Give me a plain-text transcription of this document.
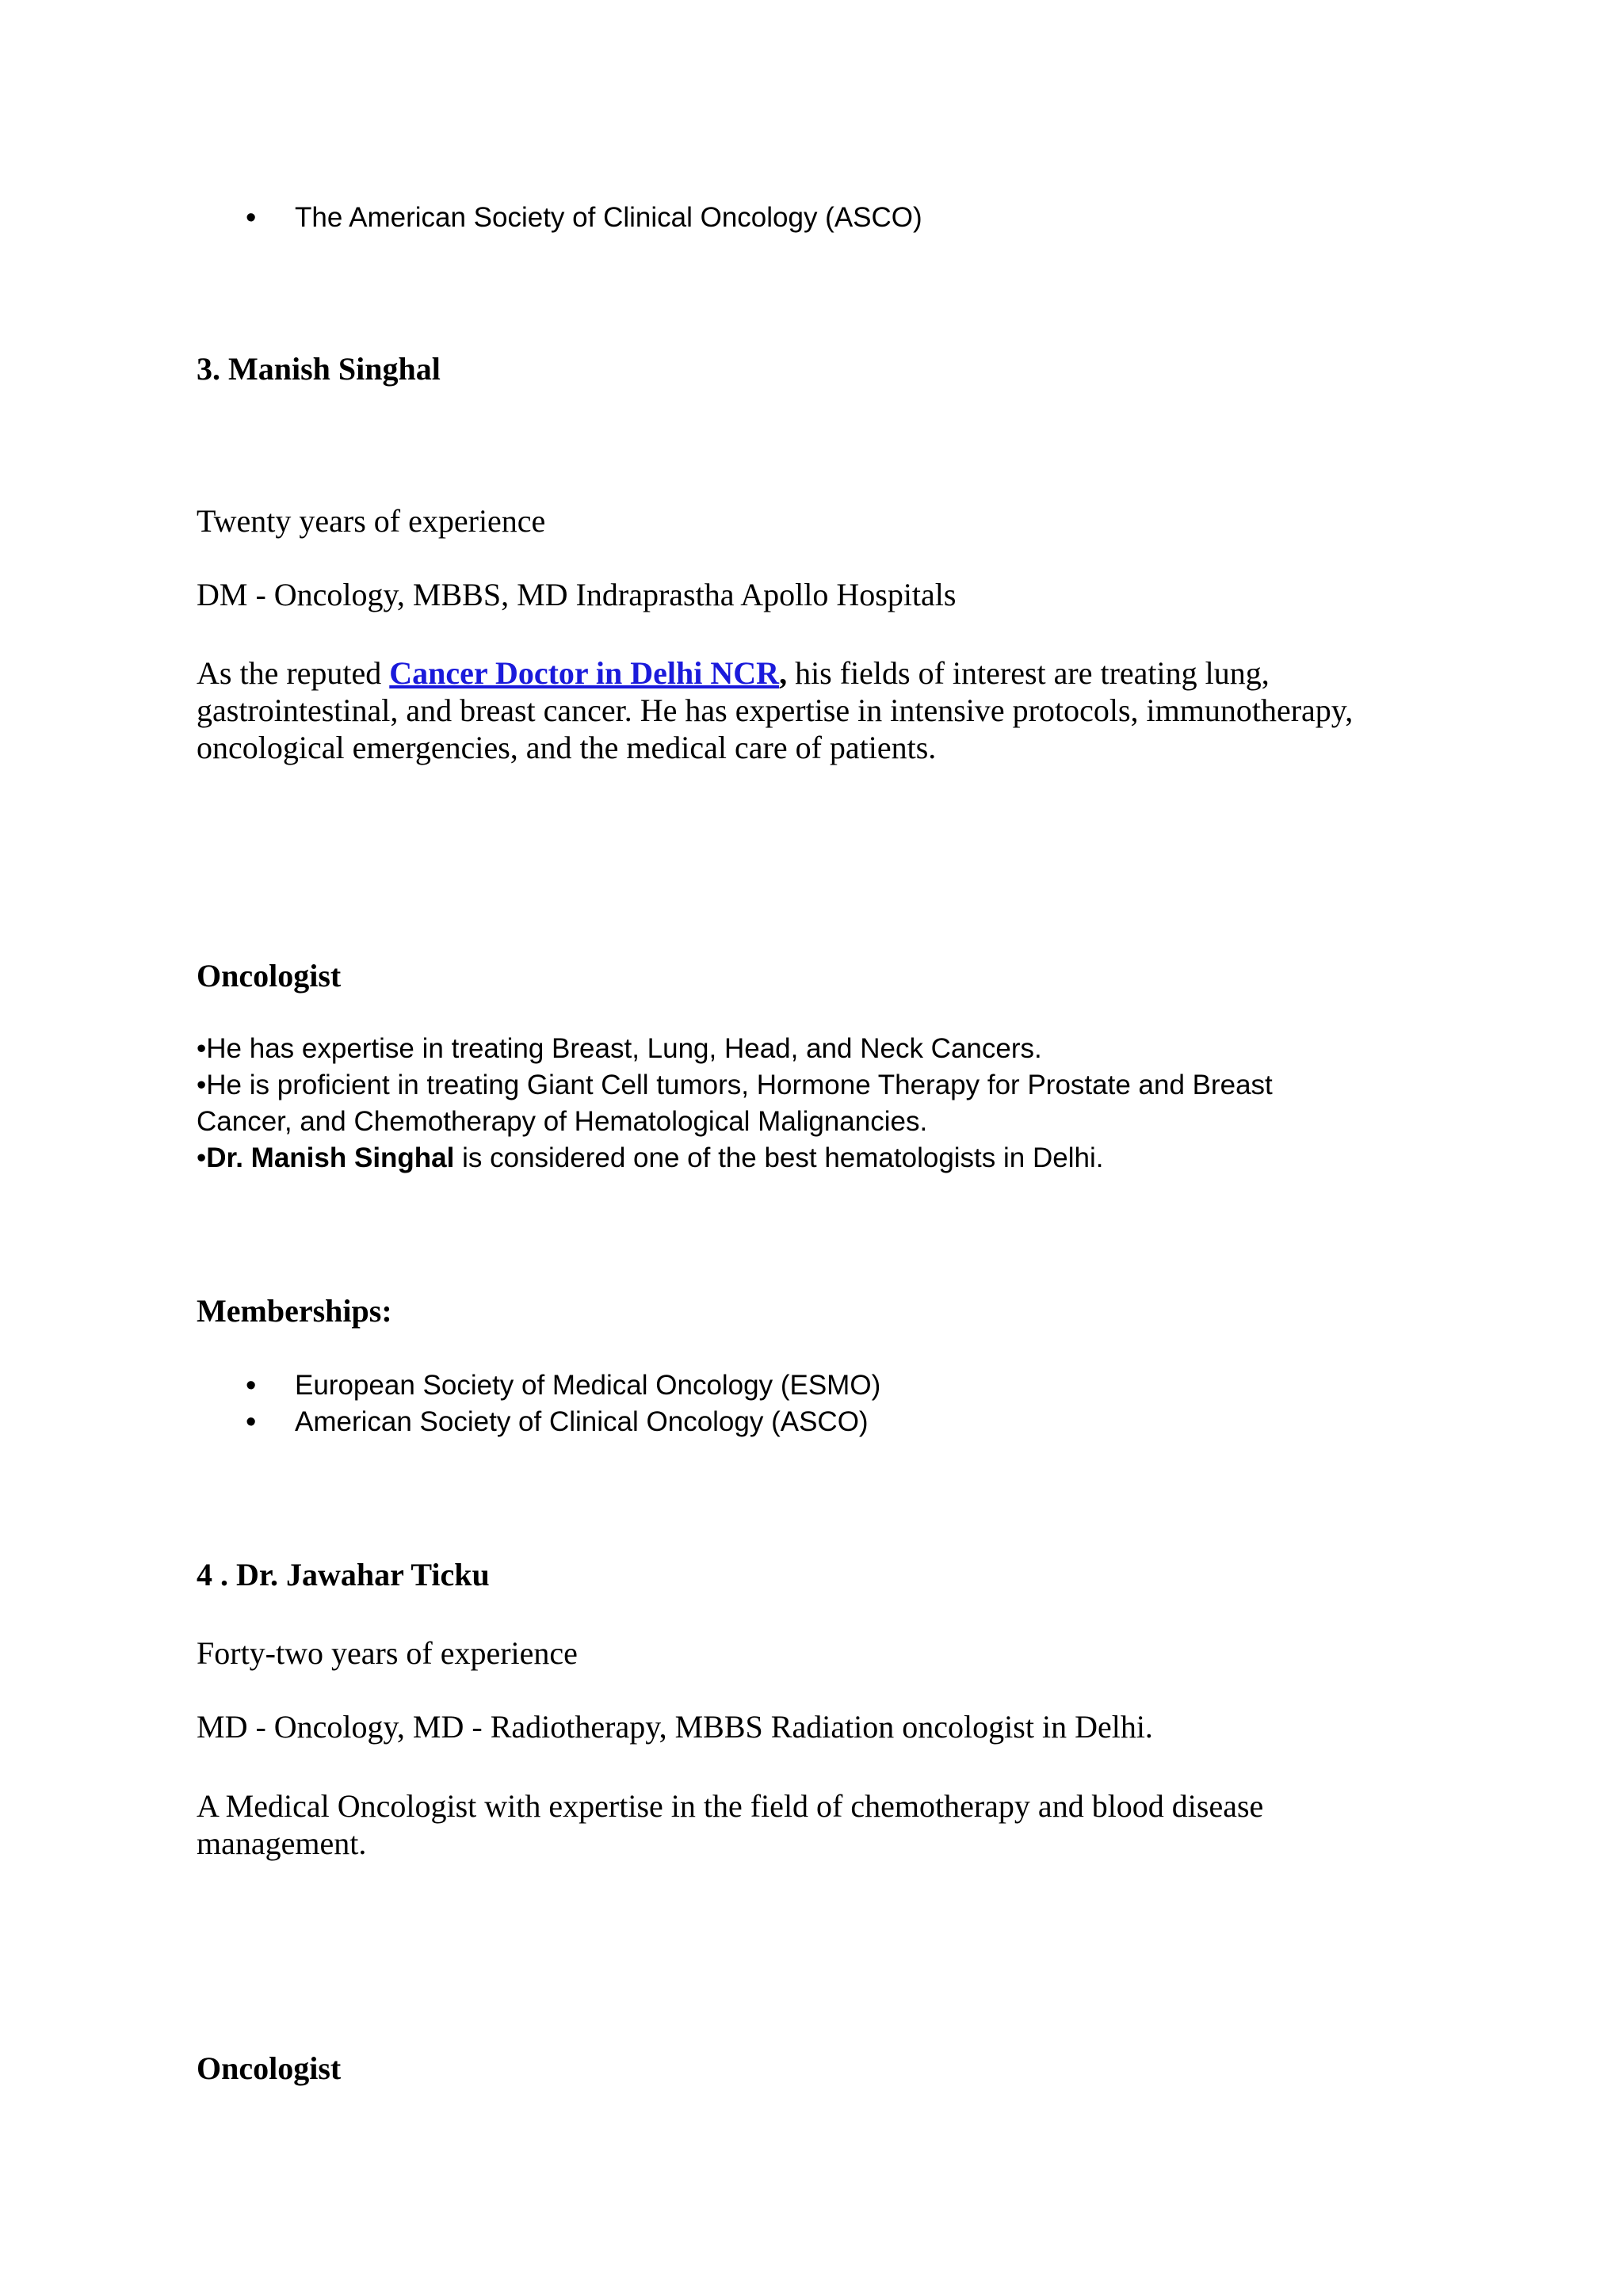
• The American Society of Clinical Oncology (ASCO)
3. Manish Singhal

Twenty years of experience

DM - Oncology, MBBS, MD Indraprastha Apollo Hospitals

As the reputed Cancer Doctor in Delhi NCR, his fields of interest are treating lung, gastrointestinal, and breast cancer. He has expertise in intensive protocols, immunotherapy, oncological emergencies, and the medical care of patients.

Oncologist
•He has expertise in treating Breast, Lung, Head, and Neck Cancers.
•He is proficient in treating Giant Cell tumors, Hormone Therapy for Prostate and Breast Cancer, and Chemotherapy of Hematological Malignancies.
•Dr. Manish Singhal is considered one of the best hematologists in Delhi.
Memberships:
• European Society of Medical Oncology (ESMO)
• American Society of Clinical Oncology (ASCO)
4 . Dr. Jawahar Ticku

Forty-two years of experience

MD - Oncology, MD - Radiotherapy, MBBS Radiation oncologist in Delhi.

A Medical Oncologist with expertise in the field of chemotherapy and blood disease management.

Oncologist
